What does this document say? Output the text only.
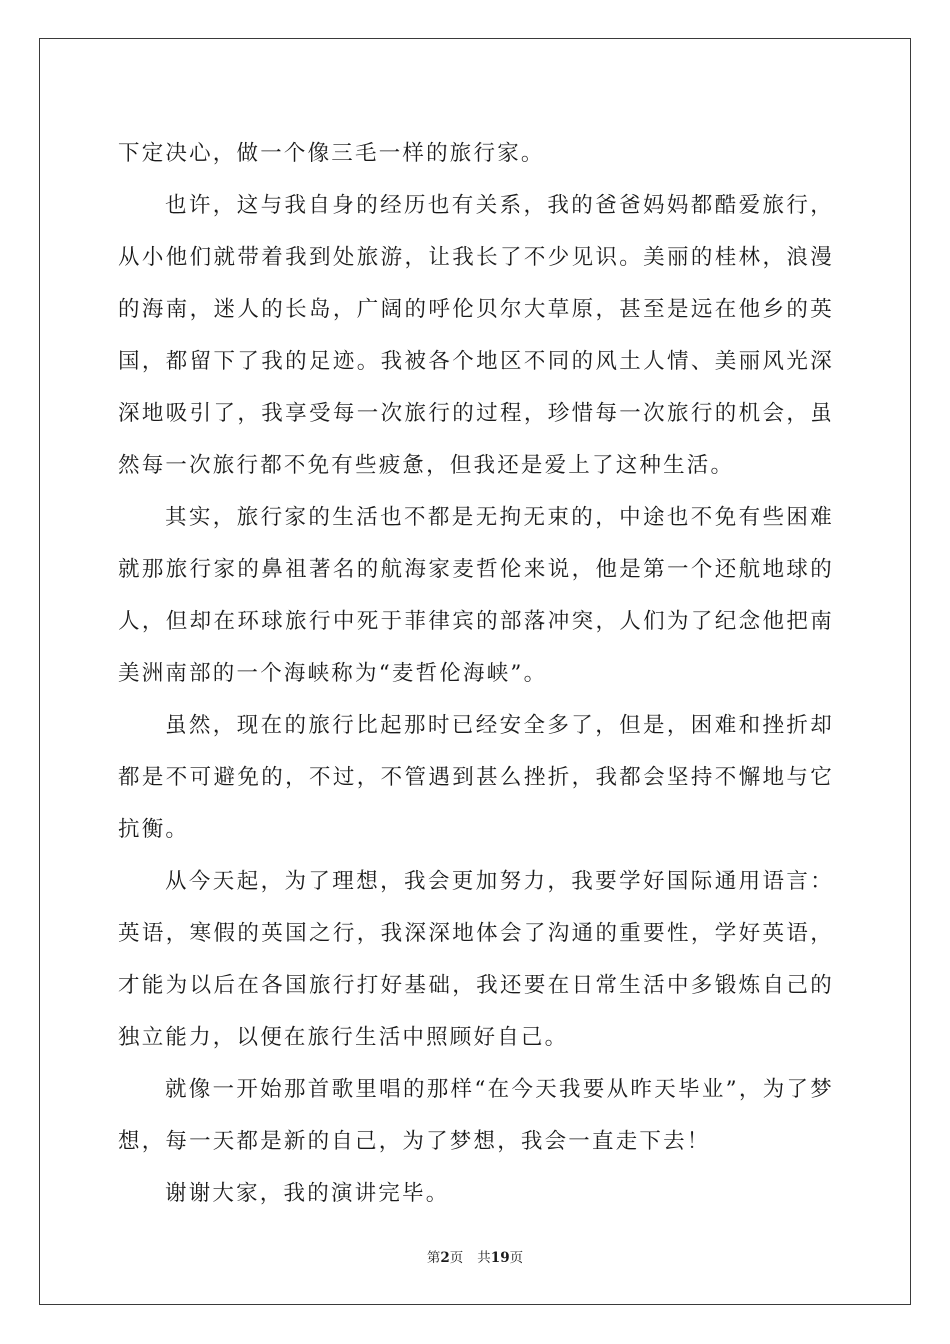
下定决心，做一个像三毛一样的旅行家。

也许，这与我自身的经历也有关系，我的爸爸妈妈都酷爱旅行，从小他们就带着我到处旅游，让我长了不少见识。美丽的桂林，浪漫的海南，迷人的长岛，广阔的呼伦贝尔大草原，甚至是远在他乡的英国，都留下了我的足迹。我被各个地区不同的风土人情、美丽风光深深地吸引了，我享受每一次旅行的过程，珍惜每一次旅行的机会，虽然每一次旅行都不免有些疲惫，但我还是爱上了这种生活。

其实，旅行家的生活也不都是无拘无束的，中途也不免有些困难就那旅行家的鼻祖著名的航海家麦哲伦来说，他是第一个还航地球的人，但却在环球旅行中死于菲律宾的部落冲突，人们为了纪念他把南美洲南部的一个海峡称为“麦哲伦海峡”。

虽然，现在的旅行比起那时已经安全多了，但是，困难和挫折却都是不可避免的，不过，不管遇到甚么挫折，我都会坚持不懈地与它抗衡。

从今天起，为了理想，我会更加努力，我要学好国际通用语言：英语，寒假的英国之行，我深深地体会了沟通的重要性，学好英语，才能为以后在各国旅行打好基础，我还要在日常生活中多锻炼自己的独立能力，以便在旅行生活中照顾好自己。

就像一开始那首歌里唱的那样“在今天我要从昨天毕业”，为了梦想，每一天都是新的自己，为了梦想，我会一直走下去！

谢谢大家，我的演讲完毕。

第2页 共19页
